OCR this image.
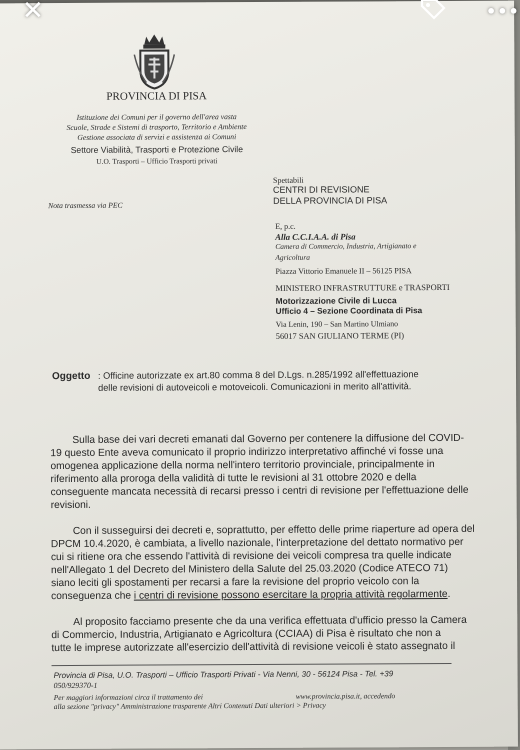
PROVINCIA DI PISA
Istituzione dei Comuni per il governo dell'area vasta
Scuole, Strade e Sistemi di trasporto, Territorio e Ambiente
Gestione associata di servizi e assistenza ai Comuni
Settore Viabilità, Trasporti e Protezione Civile
U.O. Trasporti – Ufficio Trasporti privati
Spettabili
CENTRI DI REVISIONE
DELLA PROVINCIA DI PISA
Nota trasmessa via PEC
E, p.c.
Alla C.C.I.A.A. di Pisa
Camera di Commercio, Industria, Artigianato e
Agricoltura
Piazza Vittorio Emanuele II – 56125 PISA
MINISTERO INFRASTRUTTURE e TRASPORTI
Motorizzazione Civile di Lucca
Ufficio 4 – Sezione Coordinata di Pisa
Via Lenin, 190 – San Martino Ulmiano
56017 SAN GIULIANO TERME (PI)
Oggetto : Officine autorizzate ex art.80 comma 8 del D.Lgs. n.285/1992 all'effettuazione
delle revisioni di autoveicoli e motoveicoli. Comunicazioni in merito all'attività.
Sulla base dei vari decreti emanati dal Governo per contenere la diffusione del COVID-
19 questo Ente aveva comunicato il proprio indirizzo interpretativo affinché vi fosse una
omogenea applicazione della norma nell'intero territorio provinciale, principalmente in
riferimento alla proroga della validità di tutte le revisioni al 31 ottobre 2020 e della
conseguente mancata necessità di recarsi presso i centri di revisione per l'effettuazione delle
revisioni.
Con il susseguirsi dei decreti e, soprattutto, per effetto delle prime riaperture ad opera del
DPCM 10.4.2020, è cambiata, a livello nazionale, l'interpretazione del dettato normativo per
cui si ritiene ora che essendo l'attività di revisione dei veicoli compresa tra quelle indicate
nell'Allegato 1 del Decreto del Ministero della Salute del 25.03.2020 (Codice ATECO 71)
siano leciti gli spostamenti per recarsi a fare la revisione del proprio veicolo con la
conseguenza che i centri di revisione possono esercitare la propria attività regolarmente.
Al proposito facciamo presente che da una verifica effettuata d'ufficio presso la Camera
di Commercio, Industria, Artigianato e Agricoltura (CCIAA) di Pisa è risultato che non a
tutte le imprese autorizzate all'esercizio dell'attività di revisione veicoli è stato assegnato il
Provincia di Pisa, U.O. Trasporti – Ufficio Trasporti Privati - Via Nenni, 30 - 56124 Pisa - Tel. +39
050/929370-1
Per maggiori informazioni circa il trattamento dei	www.provincia.pisa.it, accedendo
alla sezione "privacy" Amministrazione trasparente Altri Contenuti Dati ulteriori > Privacy
✕	•••
